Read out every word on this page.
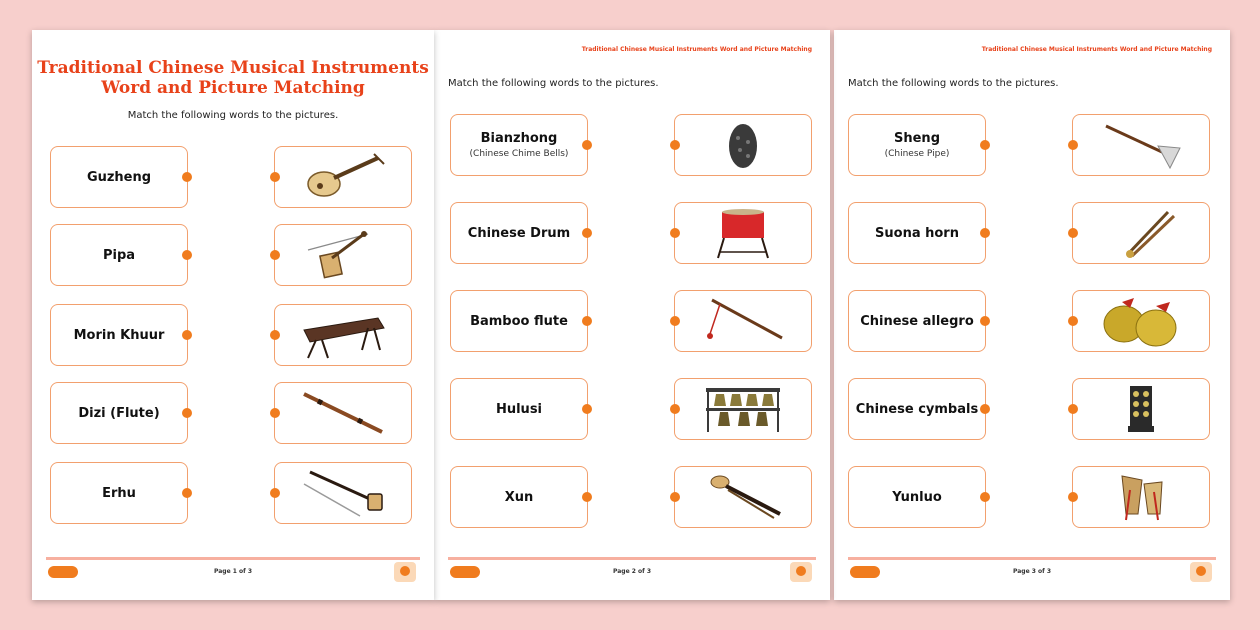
Traditional Chinese Musical Instruments
Word and Picture Matching
Match the following words to the pictures.
Guzheng
Pipa
Morin Khuur
Dizi (Flute)
Erhu
Page 1 of 3
Traditional Chinese Musical Instruments Word and Picture Matching
Match the following words to the pictures.
Bianzhong
(Chinese Chime Bells)
Chinese Drum
Bamboo flute
Hulusi
Xun
Page 2 of 3
Traditional Chinese Musical Instruments Word and Picture Matching
Match the following words to the pictures.
Sheng
(Chinese Pipe)
Suona horn
Chinese allegro
Chinese cymbals
Yunluo
Page 3 of 3
